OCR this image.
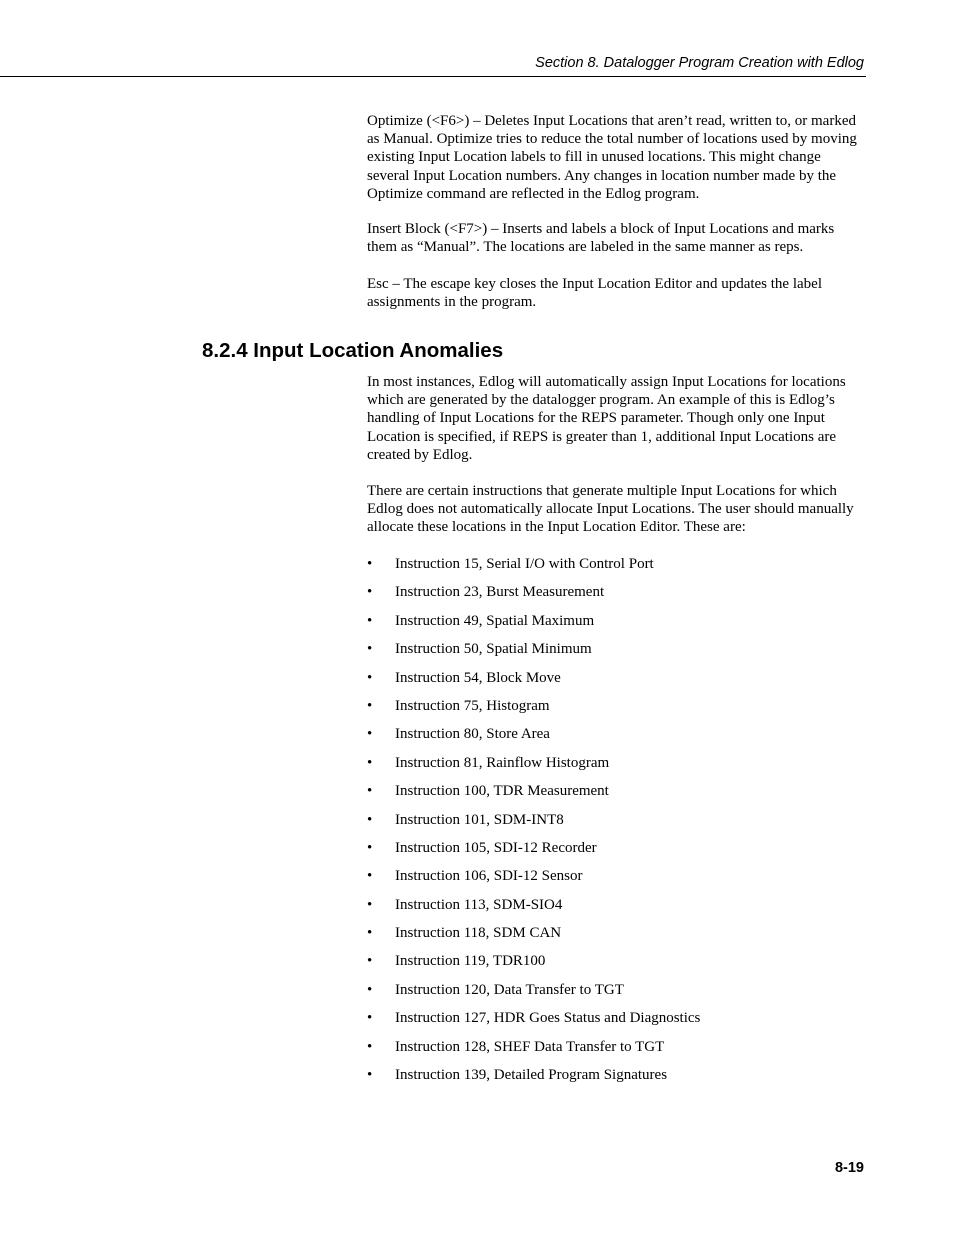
Section 8. Datalogger Program Creation with Edlog

Optimize (<F6>) – Deletes Input Locations that aren’t read, written to, or marked as Manual. Optimize tries to reduce the total number of locations used by moving existing Input Location labels to fill in unused locations. This might change several Input Location numbers. Any changes in location number made by the Optimize command are reflected in the Edlog program.

Insert Block (<F7>) – Inserts and labels a block of Input Locations and marks them as “Manual”. The locations are labeled in the same manner as reps.

Esc – The escape key closes the Input Location Editor and updates the label assignments in the program.

8.2.4 Input Location Anomalies

In most instances, Edlog will automatically assign Input Locations for locations which are generated by the datalogger program. An example of this is Edlog’s handling of Input Locations for the REPS parameter. Though only one Input Location is specified, if REPS is greater than 1, additional Input Locations are created by Edlog.

There are certain instructions that generate multiple Input Locations for which Edlog does not automatically allocate Input Locations. The user should manually allocate these locations in the Input Location Editor. These are:

•	Instruction 15, Serial I/O with Control Port
•	Instruction 23, Burst Measurement
•	Instruction 49, Spatial Maximum
•	Instruction 50, Spatial Minimum
•	Instruction 54, Block Move
•	Instruction 75, Histogram
•	Instruction 80, Store Area
•	Instruction 81, Rainflow Histogram
•	Instruction 100, TDR Measurement
•	Instruction 101, SDM-INT8
•	Instruction 105, SDI-12 Recorder
•	Instruction 106, SDI-12 Sensor
•	Instruction 113, SDM-SIO4
•	Instruction 118, SDM CAN
•	Instruction 119, TDR100
•	Instruction 120, Data Transfer to TGT
•	Instruction 127, HDR Goes Status and Diagnostics
•	Instruction 128, SHEF Data Transfer to TGT
•	Instruction 139, Detailed Program Signatures
8-19
